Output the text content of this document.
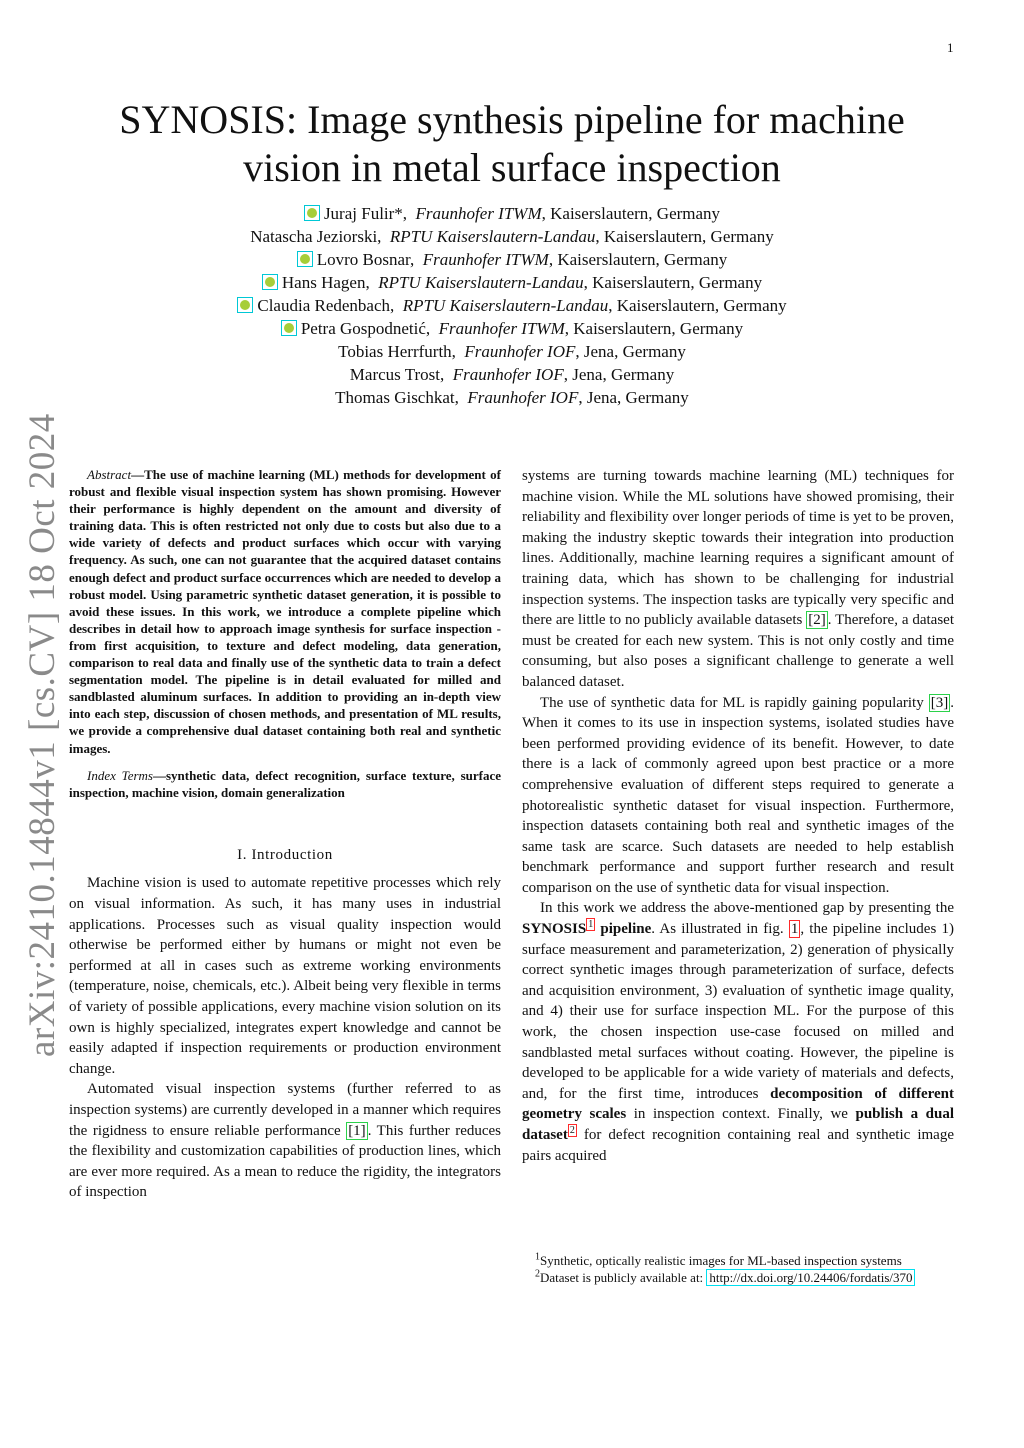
1
arXiv:2410.14844v1 [cs.CV] 18 Oct 2024
SYNOSIS: Image synthesis pipeline for machine
vision in metal surface inspection
Juraj Fulir*, Fraunhofer ITWM, Kaiserslautern, Germany
Natascha Jeziorski, RPTU Kaiserslautern-Landau, Kaiserslautern, Germany
Lovro Bosnar, Fraunhofer ITWM, Kaiserslautern, Germany
Hans Hagen, RPTU Kaiserslautern-Landau, Kaiserslautern, Germany
Claudia Redenbach, RPTU Kaiserslautern-Landau, Kaiserslautern, Germany
Petra Gospodnetić, Fraunhofer ITWM, Kaiserslautern, Germany
Tobias Herrfurth, Fraunhofer IOF, Jena, Germany
Marcus Trost, Fraunhofer IOF, Jena, Germany
Thomas Gischkat, Fraunhofer IOF, Jena, Germany

Abstract—The use of machine learning (ML) methods for development of robust and flexible visual inspection system has shown promising. However their performance is highly dependent on the amount and diversity of training data. This is often restricted not only due to costs but also due to a wide variety of defects and product surfaces which occur with varying frequency. As such, one can not guarantee that the acquired dataset contains enough defect and product surface occurrences which are needed to develop a robust model. Using parametric synthetic dataset generation, it is possible to avoid these issues. In this work, we introduce a complete pipeline which describes in detail how to approach image synthesis for surface inspection - from first acquisition, to texture and defect modeling, data generation, comparison to real data and finally use of the synthetic data to train a defect segmentation model. The pipeline is in detail evaluated for milled and sandblasted aluminum surfaces. In addition to providing an in-depth view into each step, discussion of chosen methods, and presentation of ML results, we provide a comprehensive dual dataset containing both real and synthetic images.

Index Terms—synthetic data, defect recognition, surface texture, surface inspection, machine vision, domain generalization

I. Introduction

Machine vision is used to automate repetitive processes which rely on visual information. As such, it has many uses in industrial applications. Processes such as visual quality inspection would otherwise be performed either by humans or might not even be performed at all in cases such as extreme working environments (temperature, noise, chemicals, etc.). Albeit being very flexible in terms of variety of possible applications, every machine vision solution on its own is highly specialized, integrates expert knowledge and cannot be easily adapted if inspection requirements or production environment change.

Automated visual inspection systems (further referred to as inspection systems) are currently developed in a manner which requires the rigidness to ensure reliable performance [1] . This further reduces the flexibility and customization capabilities of production lines, which are ever more required. As a mean to reduce the rigidity, the integrators of inspection

systems are turning towards machine learning (ML) techniques for machine vision. While the ML solutions have showed promising, their reliability and flexibility over longer periods of time is yet to be proven, making the industry skeptic towards their integration into production lines. Additionally, machine learning requires a significant amount of training data, which has shown to be challenging for industrial inspection systems. The inspection tasks are typically very specific and there are little to no publicly available datasets [2] . Therefore, a dataset must be created for each new system. This is not only costly and time consuming, but also poses a significant challenge to generate a well balanced dataset.

The use of synthetic data for ML is rapidly gaining popularity [3] . When it comes to its use in inspection systems, isolated studies have been performed providing evidence of its benefit. However, to date there is a lack of commonly agreed upon best practice or a more comprehensive evaluation of different steps required to generate a photorealistic synthetic dataset for visual inspection. Furthermore, inspection datasets containing both real and synthetic images of the same task are scarce. Such datasets are needed to help establish benchmark performance and support further research and result comparison on the use of synthetic data for visual inspection.

In this work we address the above-mentioned gap by presenting the SYNOSIS $^1$ pipeline. As illustrated in fig. 1 , the pipeline includes 1) surface measurement and parameterization, 2) generation of physically correct synthetic images through parameterization of surface, defects and acquisition environment, 3) evaluation of synthetic image quality, and 4) their use for surface inspection ML. For the purpose of this work, the chosen inspection use-case focused on milled and sandblasted metal surfaces without coating. However, the pipeline is developed to be applicable for a wide variety of materials and defects, and, for the first time, introduces decomposition of different geometry scales in inspection context. Finally, we publish a dual dataset $^2$ for defect recognition containing real and synthetic image pairs acquired

$^1$Synthetic, optically realistic images for ML-based inspection systems
$^2$Dataset is publicly available at: http://dx.doi.org/10.24406/fordatis/370
